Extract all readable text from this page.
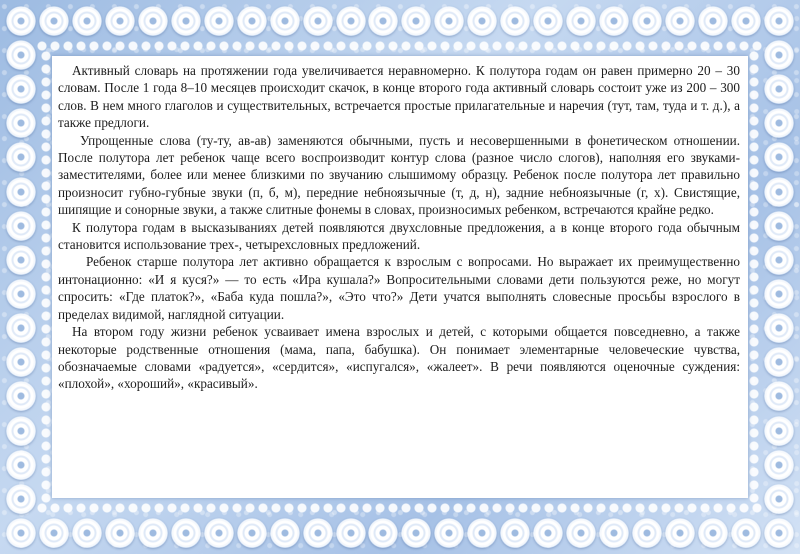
Активный словарь на протяжении года увеличивается неравномерно. К полутора годам он равен примерно 20 – 30 словам. После 1 года 8–10 месяцев происходит скачок, в конце второго года активный словарь состоит уже из 200 – 300 слов. В нем много глаголов и существительных, встречается простые прилагательные и наречия (тут, там, туда и т. д.), а также предлоги.

Упрощенные слова (ту-ту, ав-ав) заменяются обычными, пусть и несовершенными в фонетическом отношении. После полутора лет ребенок чаще всего воспроизводит контур слова (разное число слогов), наполняя его звуками-заместителями, более или менее близкими по звучанию слышимому образцу. Ребенок после полутора лет правильно произносит губно-губные звуки (п, б, м), передние небноязычные (т, д, н), задние небноязычные (г, х). Свистящие, шипящие и сонорные звуки, а также слитные фонемы в словах, произносимых ребенком, встречаются крайне редко.

К полутора годам в высказываниях детей появляются двухсловные предложения, а в конце второго года обычным становится использование трех-, четырехсловных предложений.

Ребенок старше полутора лет активно обращается к взрослым с вопросами. Но выражает их преимущественно интонационно: «И я куся?» — то есть «Ира кушала?» Вопросительными словами дети пользуются реже, но могут спросить: «Где платок?», «Баба куда пошла?», «Это что?» Дети учатся выполнять словесные просьбы взрослого в пределах видимой, наглядной ситуации.

На втором году жизни ребенок усваивает имена взрослых и детей, с которыми общается повседневно, а также некоторые родственные отношения (мама, папа, бабушка). Он понимает элементарные человеческие чувства, обозначаемые словами «радуется», «сердится», «испугался», «жалеет». В речи появляются оценочные суждения: «плохой», «хороший», «красивый».
